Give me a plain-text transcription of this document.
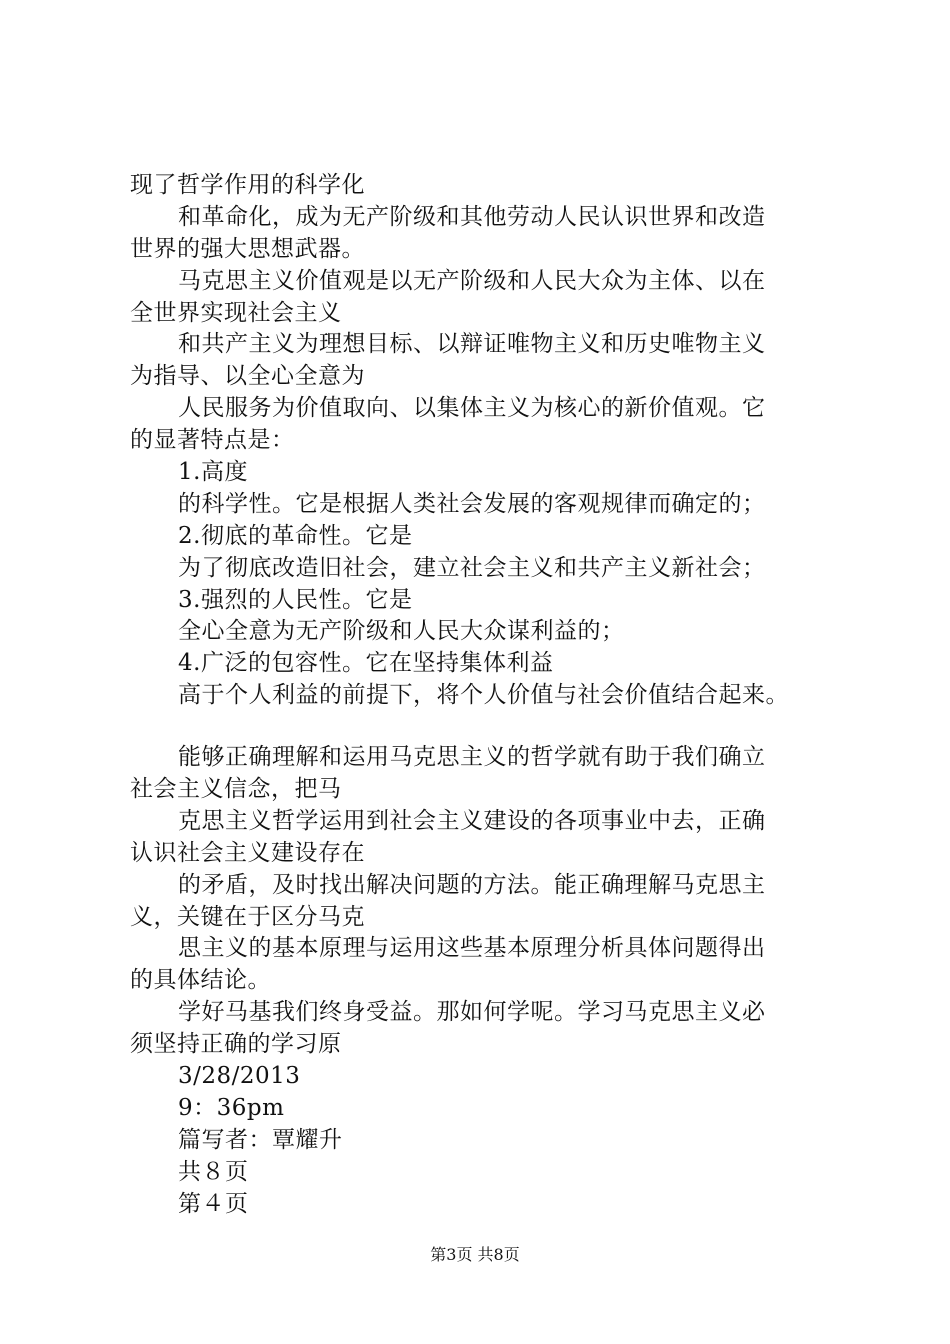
现了哲学作用的科学化
和革命化，成为无产阶级和其他劳动人民认识世界和改造
世界的强大思想武器。
马克思主义价值观是以无产阶级和人民大众为主体、以在
全世界实现社会主义
和共产主义为理想目标、以辩证唯物主义和历史唯物主义
为指导、以全心全意为
人民服务为价值取向、以集体主义为核心的新价值观。它
的显著特点是：
1.高度
的科学性。它是根据人类社会发展的客观规律而确定的；
2.彻底的革命性。它是
为了彻底改造旧社会，建立社会主义和共产主义新社会；
3.强烈的人民性。它是
全心全意为无产阶级和人民大众谋利益的；
4.广泛的包容性。它在坚持集体利益
高于个人利益的前提下，将个人价值与社会价值结合起来。
能够正确理解和运用马克思主义的哲学就有助于我们确立
社会主义信念，把马
克思主义哲学运用到社会主义建设的各项事业中去，正确
认识社会主义建设存在
的矛盾，及时找出解决问题的方法。能正确理解马克思主
义，关键在于区分马克
思主义的基本原理与运用这些基本原理分析具体问题得出
的具体结论。
学好马基我们终身受益。那如何学呢。学习马克思主义必
须坚持正确的学习原
3/28/2013
9：36pm
篇写者：覃耀升
共８页
第４页
第3页 共8页
